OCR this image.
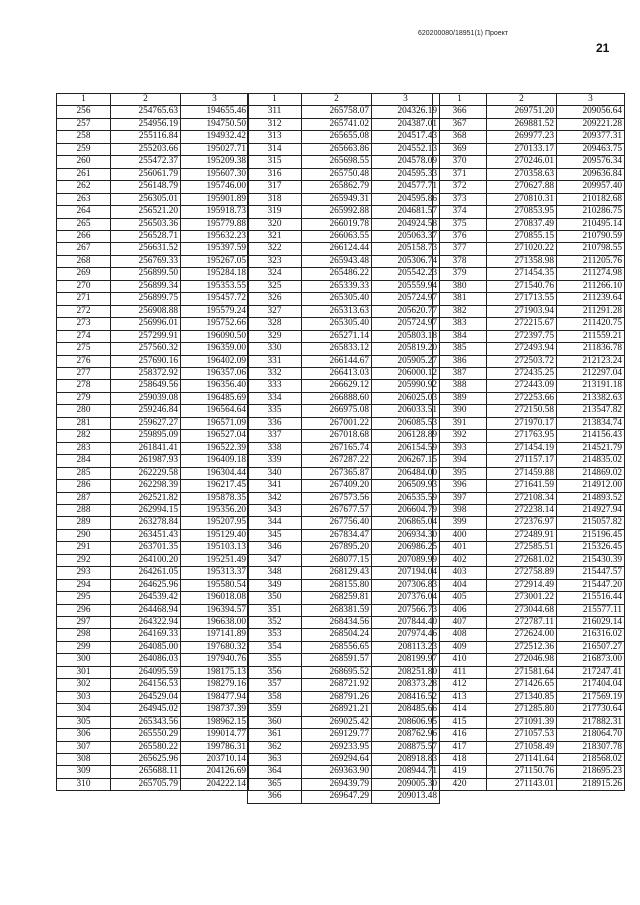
620200080/18951(1) Проект
21
1	2	3
256	254765.63	194655.46
257	254956.19	194750.50
258	255116.84	194932.42
259	255203.66	195027.71
260	255472.37	195209.38
261	256061.79	195607.30
262	256148.79	195746.00
263	256305.01	195901.89
264	256521.20	195918.73
265	256503.36	195779.88
266	256528.71	195632.23
267	256631.52	195397.59
268	256769.33	195267.05
269	256899.50	195284.18
270	256899.34	195353.55
271	256899.75	195457.72
272	256908.88	195579.24
273	256996.01	195752.66
274	257299.91	196090.50
275	257560.32	196359.00
276	257690.16	196402.09
277	258372.92	196357.06
278	258649.56	196356.40
279	259039.08	196485.69
280	259246.84	196564.64
281	259627.27	196571.09
282	259895.09	196527.04
283	261841.41	196522.39
284	261987.93	196409.18
285	262229.58	196304.44
286	262298.39	196217.45
287	262521.82	195878.35
288	262994.15	195356.20
289	263278.84	195207.95
290	263451.43	195129.40
291	263701.35	195103.13
292	264100.20	195251.49
293	264261.05	195313.37
294	264625.96	195580.54
295	264539.42	196018.08
296	264468.94	196394.57
297	264322.94	196638.00
298	264169.33	197141.89
299	264085.00	197680.32
300	264086.03	197940.76
301	264095.59	198175.13
302	264156.53	198279.16
303	264529.04	198477.94
304	264945.02	198737.39
305	265343.56	198962.15
306	265550.29	199014.77
307	265580.22	199786.31
308	265625.96	203710.14
309	265688.11	204126.69
310	265705.79	204222.14
1	2	3
311	265758.07	204326.19
312	265741.02	204387.01
313	265655.08	204517.43
314	265663.86	204552.13
315	265698.55	204578.09
316	265750.48	204595.33
317	265862.79	204577.71
318	265949.31	204595.86
319	265992.88	204681.57
320	266019.78	204924.58
321	266063.55	205063.37
322	266124.44	205158.73
323	265943.48	205306.74
324	265486.22	205542.23
325	265339.33	205559.94
326	265305.40	205724.97
327	265313.63	205620.77
328	265305.40	205724.97
329	265271.14	205803.18
330	265833.12	205819.20
331	266144.67	205905.27
332	266413.03	206000.12
333	266629.12	205990.92
334	266888.60	206025.03
335	266975.08	206033.51
336	267001.22	206085.53
337	267018.68	206128.89
338	267165.74	206154.59
339	267287.22	206267.15
340	267365.87	206484.00
341	267409.20	206509.93
342	267573.56	206535.59
343	267677.57	206604.79
344	267756.40	206865.04
345	267834.47	206934.30
346	267895.20	206986.25
347	268077.15	207089.99
348	268129.43	207194.04
349	268155.80	207306.83
350	268259.81	207376.04
351	268381.59	207566.73
352	268434.56	207844.40
353	268504.24	207974.46
354	268556.65	208113.23
355	268591.57	208199.97
356	268695.52	208251.80
357	268721.92	208373.28
358	268791.26	208416.52
359	268921.21	208485.66
360	269025.42	208606.95
361	269129.77	208762.96
362	269233.95	208875.57
363	269294.64	208918.83
364	269363.90	208944.71
365	269439.79	209005.30
366	269647.29	209013.48
1	2	3
366	269751.20	209056.64
367	269881.52	209221.28
368	269977.23	209377.31
369	270133.17	209463.75
370	270246.01	209576.34
371	270358.63	209636.84
372	270627.88	209957.40
373	270810.31	210182.68
374	270853.95	210286.75
375	270837.49	210495.14
376	270855.15	210790.59
377	271020.22	210798.55
378	271358.98	211205.76
379	271454.35	211274.98
380	271540.76	211266.10
381	271713.55	211239.64
382	271903.94	211291.28
383	272215.67	211420.75
384	272397.75	211559.21
385	272493.94	211836.78
386	272503.72	212123.24
387	272435.25	212297.04
388	272443.09	213191.18
389	272253.66	213382.63
390	272150.58	213547.82
391	271970.17	213834.74
392	271763.95	214156.43
393	271454.19	214521.79
394	271157.17	214835.02
395	271459.88	214869.02
396	271641.59	214912.00
397	272108.34	214893.52
398	272238.14	214927.94
399	272376.97	215057.82
400	272489.91	215196.45
401	272585.51	215326.45
402	272681.02	215430.39
403	272758.89	215447.57
404	272914.49	215447.20
405	273001.22	215516.44
406	273044.68	215577.11
407	272787.11	216029.14
408	272624.00	216316.02
409	272512.36	216507.27
410	272046.98	216873.00
411	271581.64	217247.41
412	271426.65	217404.04
413	271340.85	217569.19
414	271285.80	217730.64
415	271091.39	217882.31
416	271057.53	218064.70
417	271058.49	218307.78
418	271141.64	218568.02
419	271150.76	218695.23
420	271143.01	218915.26
